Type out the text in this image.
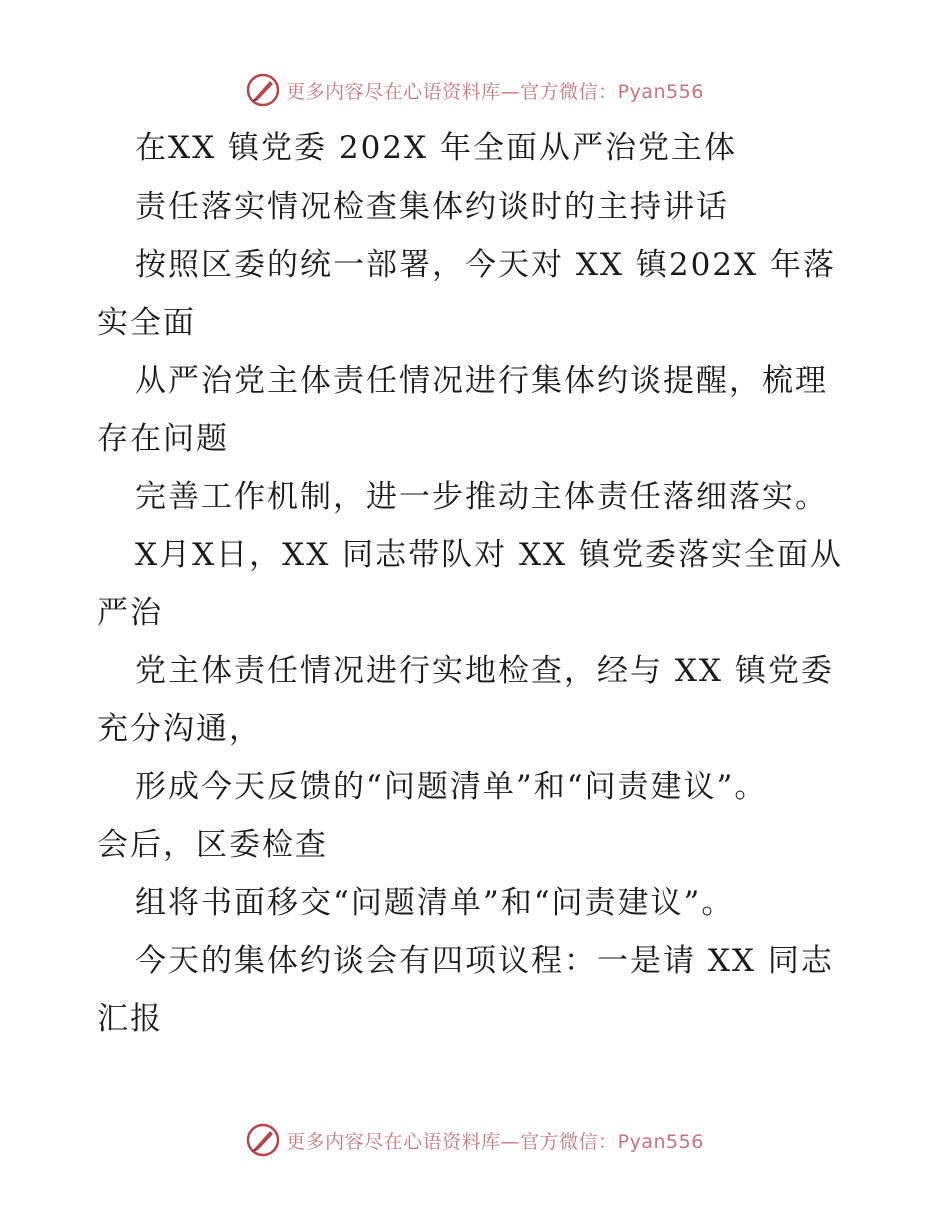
更多内容尽在心语资料库—官方微信：Pyan556
在XX 镇党委 202X 年全面从严治党主体
责任落实情况检查集体约谈时的主持讲话
按照区委的统一部署，今天对 XX 镇202X 年落
实全面
从严治党主体责任情况进行集体约谈提醒，梳理
存在问题
完善工作机制，进一步推动主体责任落细落实。
X月X日，XX 同志带队对 XX 镇党委落实全面从
严治
党主体责任情况进行实地检查，经与 XX 镇党委
充分沟通，
形成今天反馈的“问题清单”和“问责建议”。
会后，区委检查
组将书面移交“问题清单”和“问责建议”。
今天的集体约谈会有四项议程：一是请 XX 同志
汇报
更多内容尽在心语资料库—官方微信：Pyan556
